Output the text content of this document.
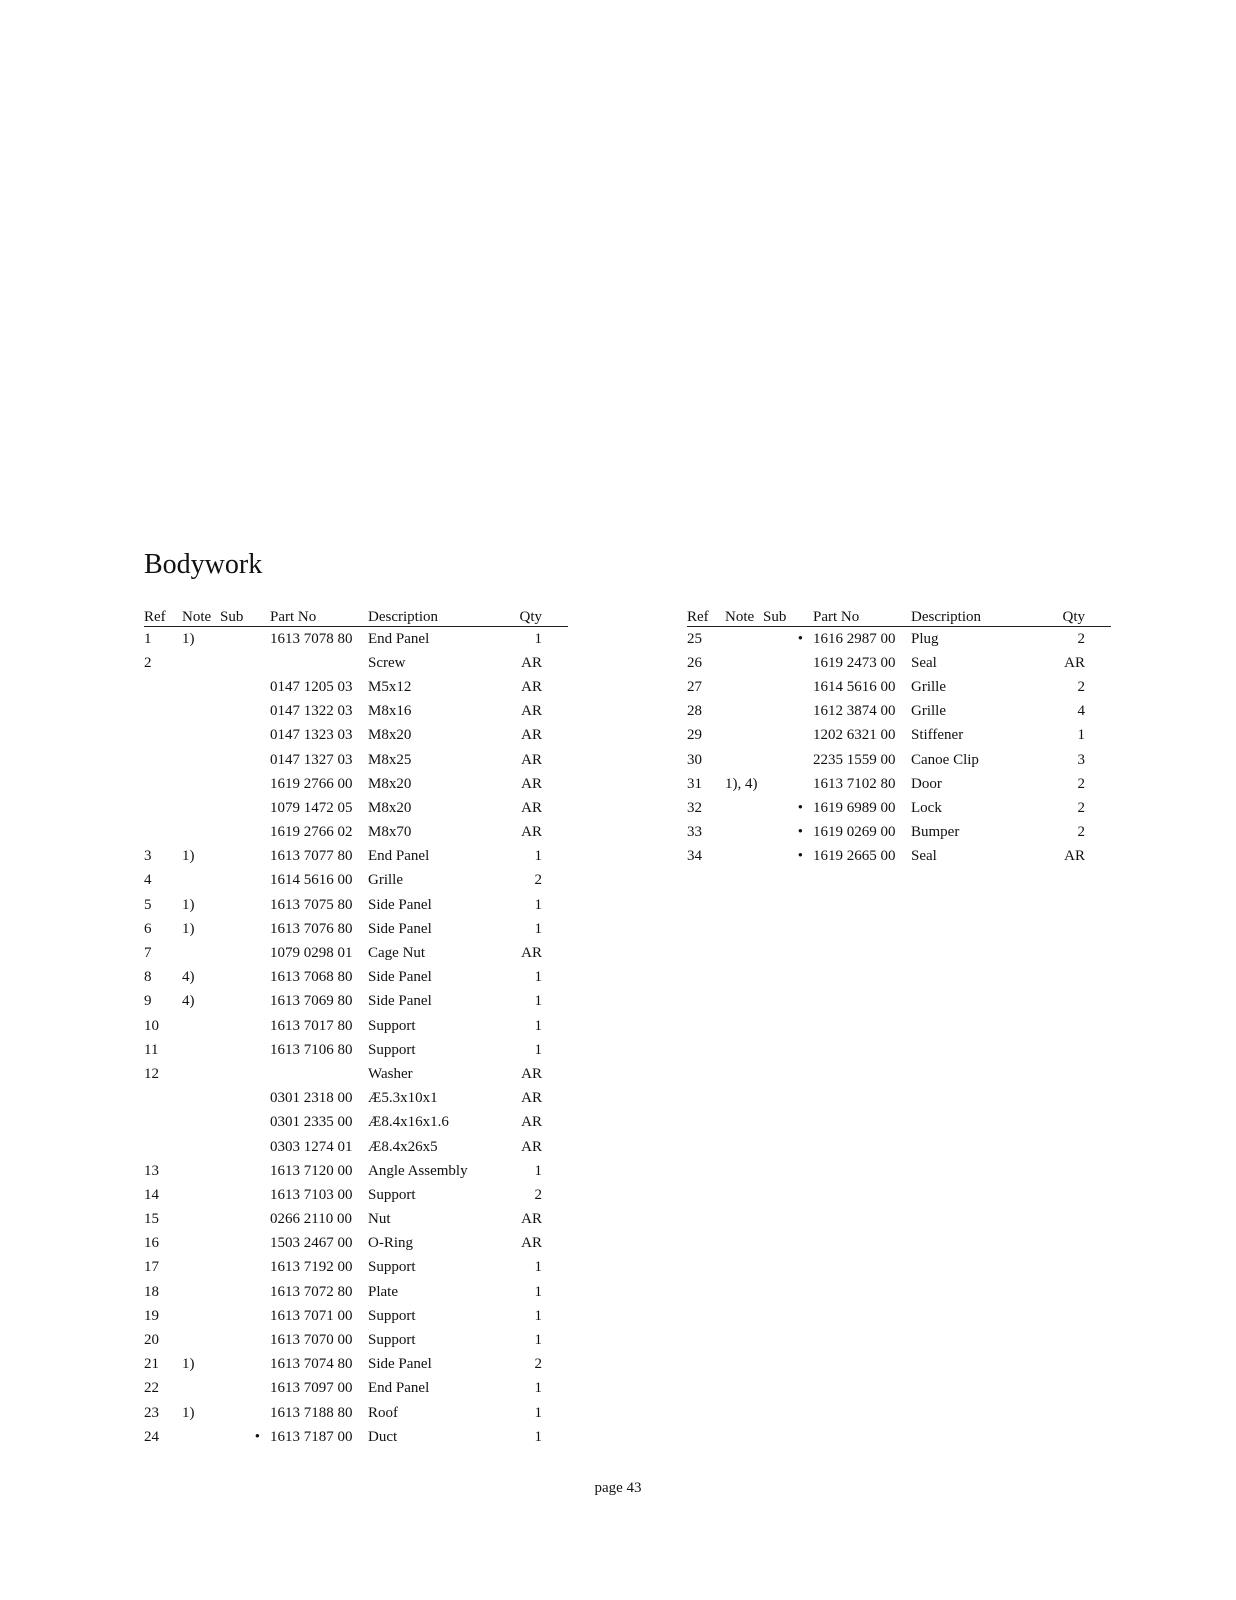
Bodywork
Ref	Note	Sub	Part No	Description	Qty
1	1)		1613 7078 80	End Panel	1
2				Screw	AR
			0147 1205 03	M5x12	AR
			0147 1322 03	M8x16	AR
			0147 1323 03	M8x20	AR
			0147 1327 03	M8x25	AR
			1619 2766 00	M8x20	AR
			1079 1472 05	M8x20	AR
			1619 2766 02	M8x70	AR
3	1)		1613 7077 80	End Panel	1
4			1614 5616 00	Grille	2
5	1)		1613 7075 80	Side Panel	1
6	1)		1613 7076 80	Side Panel	1
7			1079 0298 01	Cage Nut	AR
8	4)		1613 7068 80	Side Panel	1
9	4)		1613 7069 80	Side Panel	1
10			1613 7017 80	Support	1
11			1613 7106 80	Support	1
12				Washer	AR
			0301 2318 00	Æ5.3x10x1	AR
			0301 2335 00	Æ8.4x16x1.6	AR
			0303 1274 01	Æ8.4x26x5	AR
13			1613 7120 00	Angle Assembly	1
14			1613 7103 00	Support	2
15			0266 2110 00	Nut	AR
16			1503 2467 00	O-Ring	AR
17			1613 7192 00	Support	1
18			1613 7072 80	Plate	1
19			1613 7071 00	Support	1
20			1613 7070 00	Support	1
21	1)		1613 7074 80	Side Panel	2
22			1613 7097 00	End Panel	1
23	1)		1613 7188 80	Roof	1
24		•	1613 7187 00	Duct	1
Ref	Note	Sub	Part No	Description	Qty
25		•	1616 2987 00	Plug	2
26			1619 2473 00	Seal	AR
27			1614 5616 00	Grille	2
28			1612 3874 00	Grille	4
29			1202 6321 00	Stiffener	1
30			2235 1559 00	Canoe Clip	3
31	1), 4)		1613 7102 80	Door	2
32		•	1619 6989 00	Lock	2
33		•	1619 0269 00	Bumper	2
34		•	1619 2665 00	Seal	AR
page 43
